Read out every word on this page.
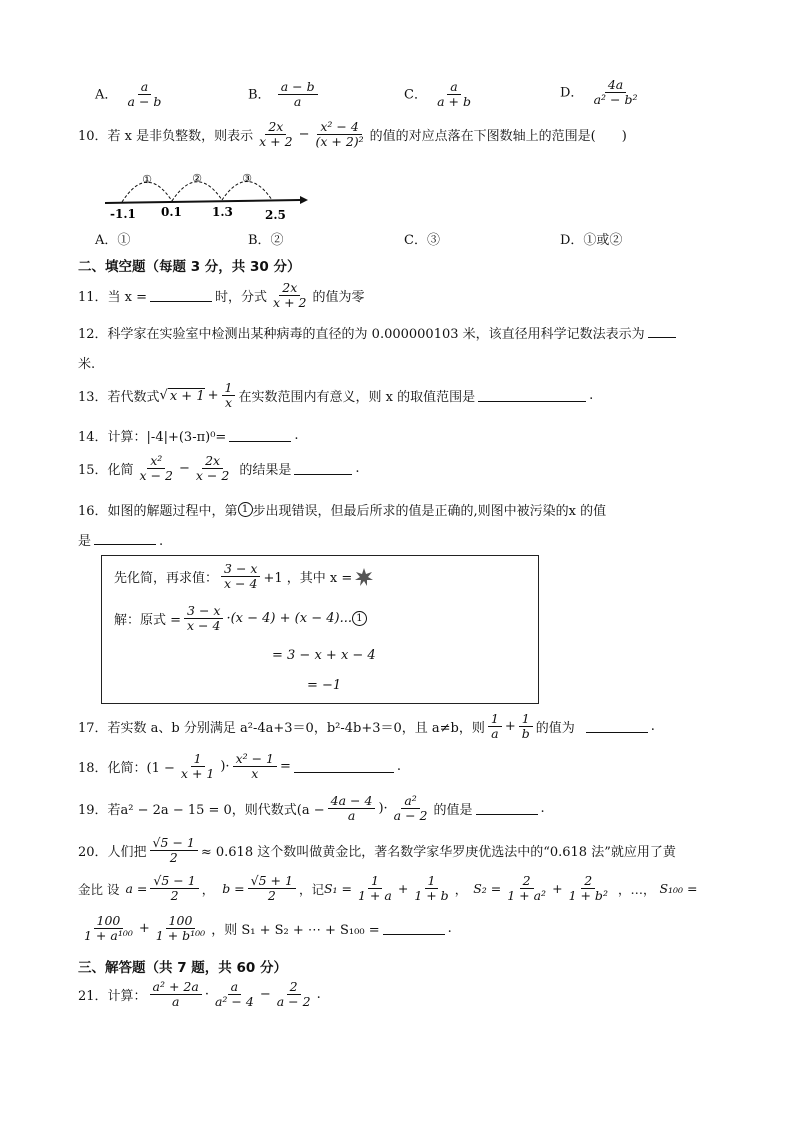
A． $\frac{a}{a - b}$	B． $\frac{a - b}{a}$	C． $\frac{a}{a + b}$	D． $\frac{4a}{\text{a² − b²}}$
10．若 x 是非负整数，则表示 $\frac{2x}{x + 2} - \frac{\text{x² − 4}}{\text{(x + 2)²}}$ 的值的对应点落在下图数轴上的范围是(　　)
①	②	③
-1.1 0.1	1.3	2.5
A．①	B．②	C．③	D．①或②
二、填空题（每题 3 分，共 30 分）
11．当 x =	时，分式 $\frac{2x}{x + 2}$ 的值为零
12．科学家在实验室中检测出某种病毒的直径的为 0.000000103 米，该直径用科学记数法表示为
米.
13．若代数式 √ $x + 1 + \frac{1}{x}$ 在实数范围内有意义，则 x 的取值范围是	.
14．计算：|-4|+(3-π)⁰=	.
15．化简 $\frac{\text{x²}}{x - 2} - \frac{2x}{x - 2}$ 的结果是	.
16．如图的解题过程中，第 1 步出现错误，但最后所求的值是正确的,则图中被污染的x 的值
是	.
先化简，再求值： $\frac{3 - x}{x - 4} +1$ ，其中 x =
解：原式 = $\frac{3 - x}{x - 4} \cdot(x - 4) + (x - 4)$... 1
= 3 − x + x − 4
= −1
17．若实数 a、b 分别满足 a²-4a+3＝0，b²-4b+3＝0，且 a≠b，则 $\frac{1}{a} + \frac{1}{b}$ 的值为	.
18．化简：($1 - \frac{1}{x + 1}$ )· $\frac{\text{x² − 1}}{x}$ =	.
19．若a² − 2a − 15 = 0，则代数式($a - \frac{4a - 4}{a}$ )· $\frac{\text{a²}}{a - 2}$ 的值是	.
20．人们把 $\frac{√5 - 1}{2} \approx 0.618$ 这个数叫做黄金比，著名数学家华罗庚优选法中的“0.618 法”就应用了黄
金比 设 $a = \frac{√5 - 1}{2}$ ， $b = \frac{√5 + 1}{2}$ ，记 $S_1 = \frac{1}{1 + a} + \frac{1}{1 + b}$ ， $S_2 = \frac{2}{\text{1 + a²}} + \frac{2}{\text{1 + b²}}$ ，…， S₁₀₀ =
$\frac{100}{\text{1 + a¹⁰⁰}} + \frac{100}{\text{1 + b¹⁰⁰}}$ ，则 S₁ + S₂ + ⋯ + S₁₀₀ =	.
三、解答题（共 7 题，共 60 分）
21．计算： $\frac{\text{a² + 2a}}{a} \cdot \frac{a}{\text{a² − 4}} - \frac{2}{a - 2}$ .
